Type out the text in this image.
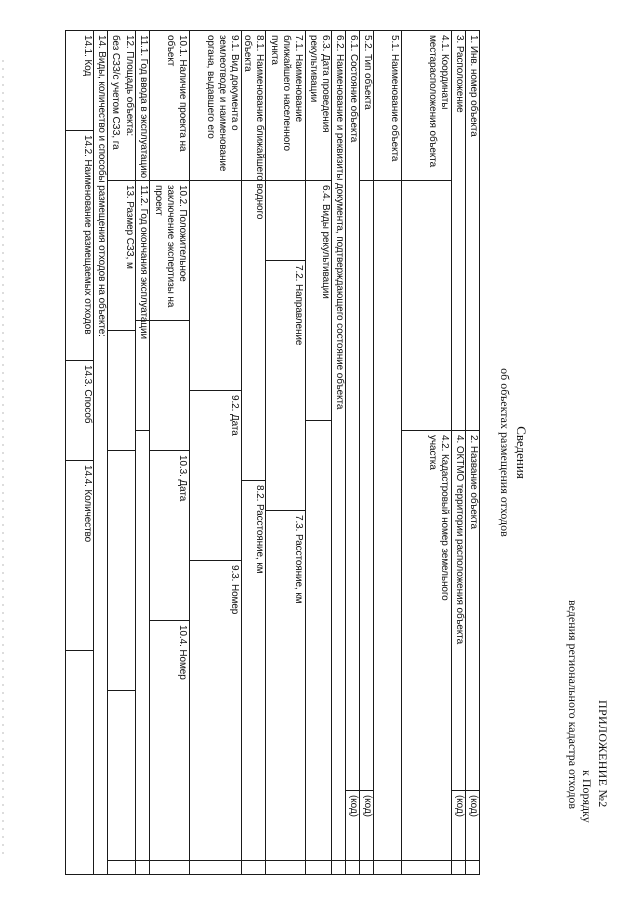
ПРИЛОЖЕНИЕ №2
к Порядку
ведения регионального кадастра отходов
Сведения
об объектах размещения отходов
1. Инв. номер объекта
2. Название объекта
(код)
3. Расположение
4. ОКТМО территории расположения объекта
(код)
4.1. Координаты местарасположения объекта
4.2. Кадастровый номер земельного участка
5.1. Наименование объекта
5.2. Тип объекта
(код)
6.1. Состояние объекта
(код)
6.2. Наименование и реквизиты документа, подтверждающего состояние объекта
6.3. Дата проведения рекультивации
6.4. Виды рекультивации
7.1. Наименование ближайшего населенного пункта
7.2. Направление
7.3. Расстояние, км
8.1. Наименование ближайшего водного объекта
8.2. Расстояние, км
9.1. Вид документа о землеотводе и наименование органа, выдавшего его
9.2. Дата
9.3. Номер
10.1. Наличие проекта на объект
10.2. Положительное заключение экспертизы на проект
10.3. Дата
10.4. Номер
11.1. Год ввода в эксплуатацию
11.2. Год окончания эксплуатации
12. Площадь объекта:
13. Размер СЗЗ, м
без СЗЗ/с учетом СЗЗ, га
14. Виды, количество и способы размещения отходов на объекте:
14.1. Код
14.2. Наименование размещаемых отходов
14.3. Способ
14.4. Количество
